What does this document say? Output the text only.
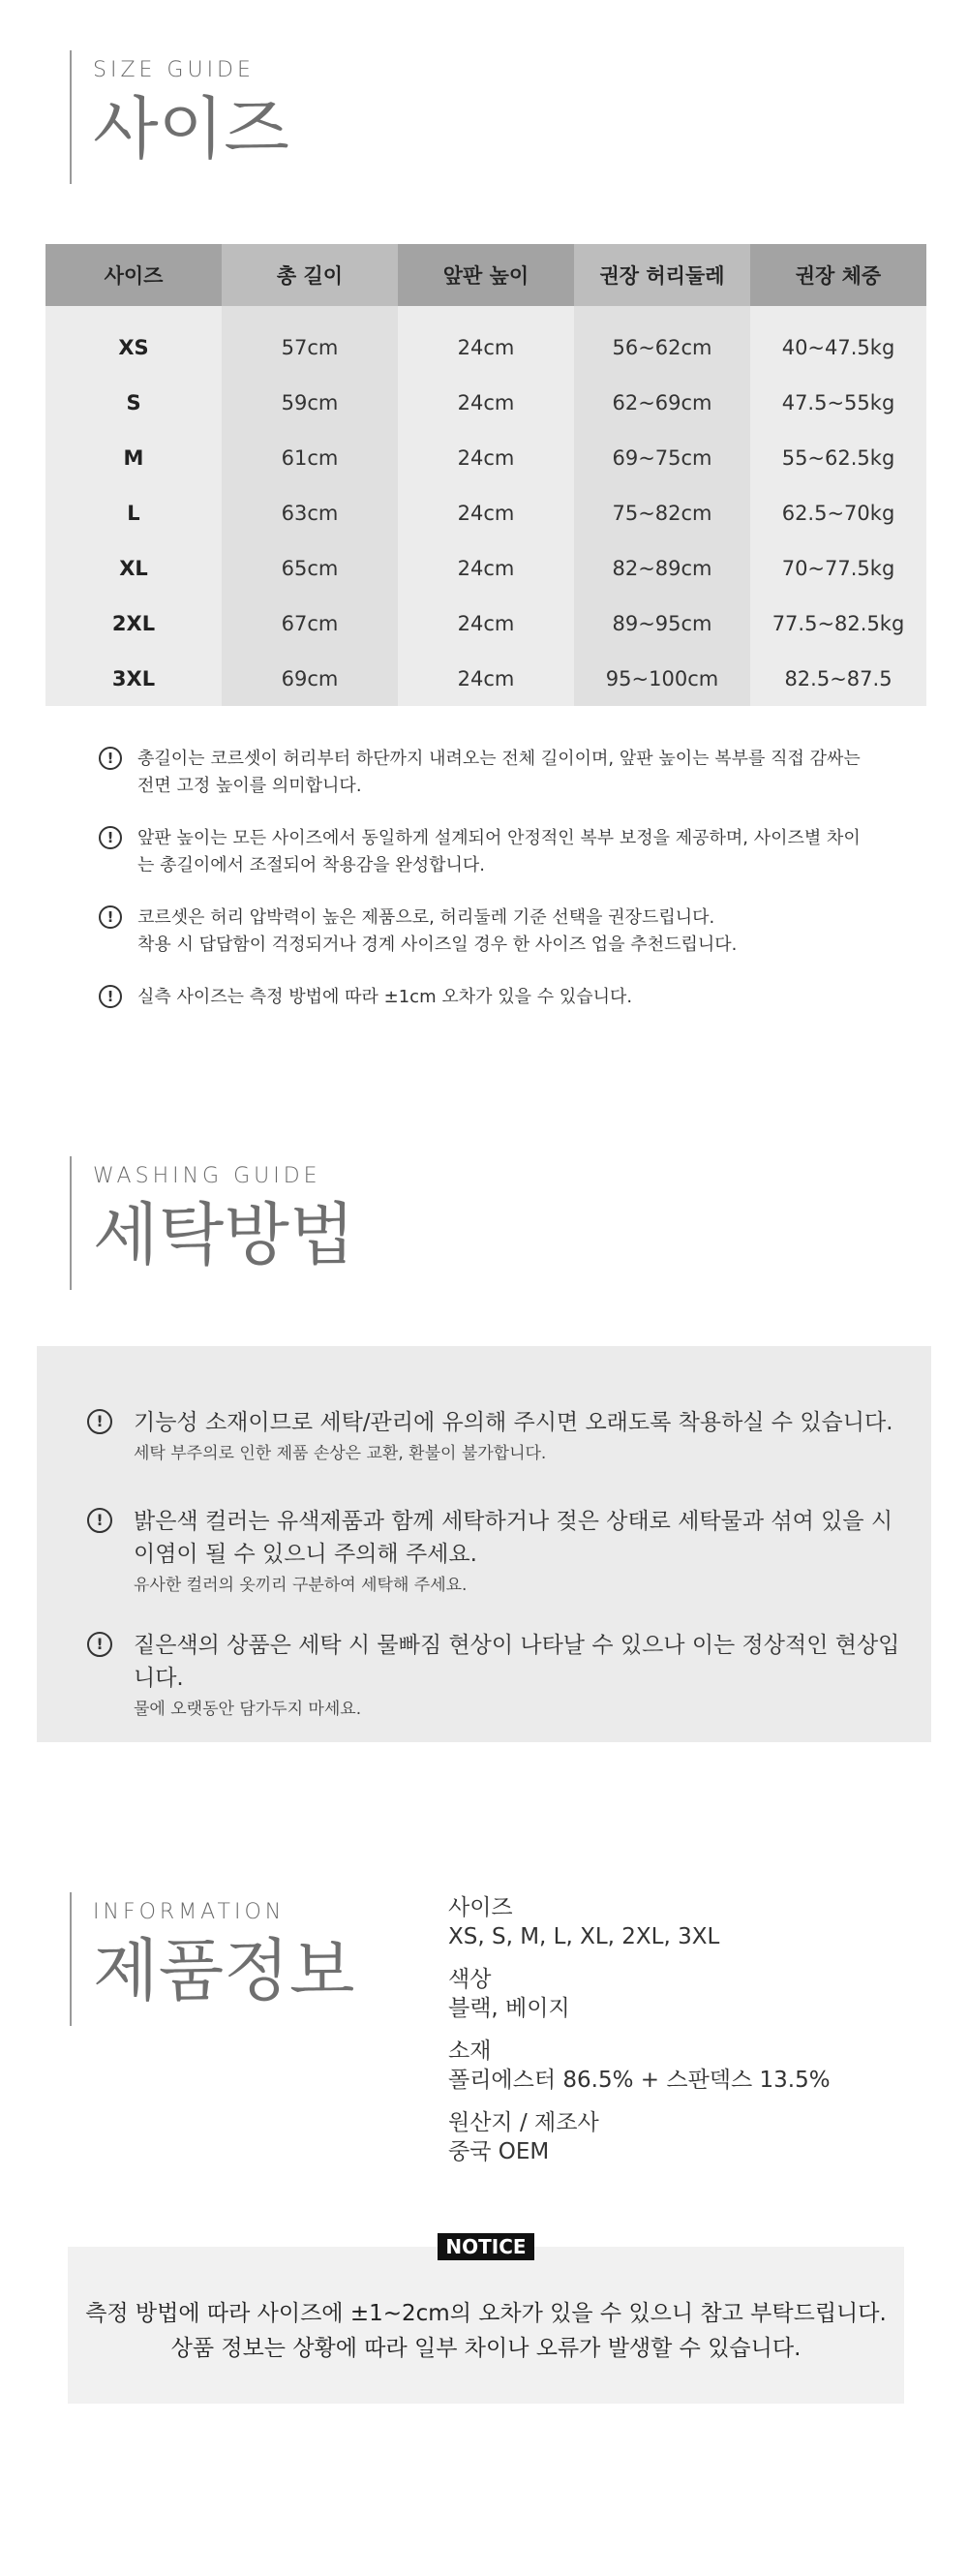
SIZE GUIDE
사이즈
사이즈	총 길이	앞판 높이	권장 허리둘레	권장 체중
XS	57cm	24cm	56~62cm	40~47.5kg
S	59cm	24cm	62~69cm	47.5~55kg
M	61cm	24cm	69~75cm	55~62.5kg
L	63cm	24cm	75~82cm	62.5~70kg
XL	65cm	24cm	82~89cm	70~77.5kg
2XL	67cm	24cm	89~95cm	77.5~82.5kg
3XL	69cm	24cm	95~100cm	82.5~87.5
!	총길이는 코르셋이 허리부터 하단까지 내려오는 전체 길이이며, 앞판 높이는 복부를 직접 감싸는
전면 고정 높이를 의미합니다.
!	앞판 높이는 모든 사이즈에서 동일하게 설계되어 안정적인 복부 보정을 제공하며, 사이즈별 차이
는 총길이에서 조절되어 착용감을 완성합니다.
!	코르셋은 허리 압박력이 높은 제품으로, 허리둘레 기준 선택을 권장드립니다.
착용 시 답답함이 걱정되거나 경계 사이즈일 경우 한 사이즈 업을 추천드립니다.
!	실측 사이즈는 측정 방법에 따라 ±1cm 오차가 있을 수 있습니다.
WASHING GUIDE
세탁방법
!	기능성 소재이므로 세탁/관리에 유의해 주시면 오래도록 착용하실 수 있습니다.
세탁 부주의로 인한 제품 손상은 교환, 환불이 불가합니다.
!	밝은색 컬러는 유색제품과 함께 세탁하거나 젖은 상태로 세탁물과 섞여 있을 시
이염이 될 수 있으니 주의해 주세요.
유사한 컬러의 옷끼리 구분하여 세탁해 주세요.
!	짙은색의 상품은 세탁 시 물빠짐 현상이 나타날 수 있으나 이는 정상적인 현상입니다.
물에 오랫동안 담가두지 마세요.
INFORMATION
제품정보
사이즈
XS, S, M, L, XL, 2XL, 3XL
색상
블랙, 베이지
소재
폴리에스터 86.5% + 스판덱스 13.5%
원산지 / 제조사
중국 OEM
측정 방법에 따라 사이즈에 ±1~2cm의 오차가 있을 수 있으니 참고 부탁드립니다.
상품 정보는 상황에 따라 일부 차이나 오류가 발생할 수 있습니다.
NOTICE
